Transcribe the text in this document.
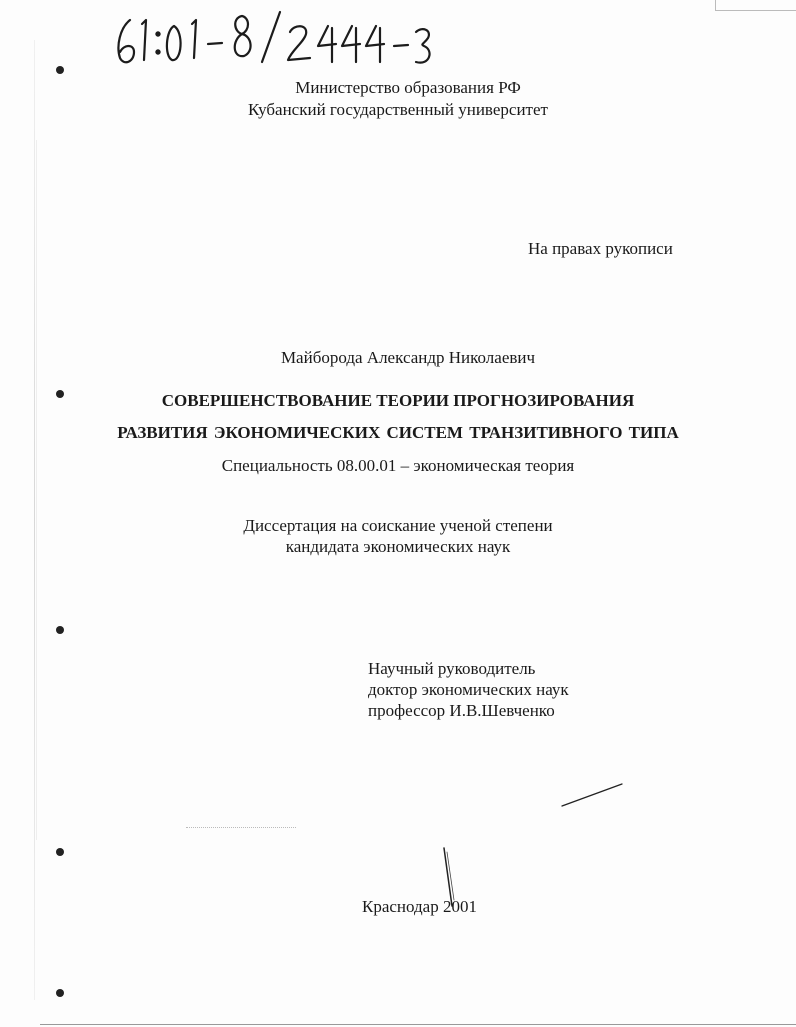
Министерство образования РФ
Кубанский государственный университет
На правах рукописи
Майборода Александр Николаевич
СОВЕРШЕНСТВОВАНИЕ ТЕОРИИ ПРОГНОЗИРОВАНИЯ
РАЗВИТИЯ ЭКОНОМИЧЕСКИХ СИСТЕМ ТРАНЗИТИВНОГО ТИПА
Специальность 08.00.01 – экономическая теория
Диссертация на соискание ученой степени
кандидата экономических наук
Научный руководитель
доктор экономических наук
профессор И.В.Шевченко
Краснодар 2001
